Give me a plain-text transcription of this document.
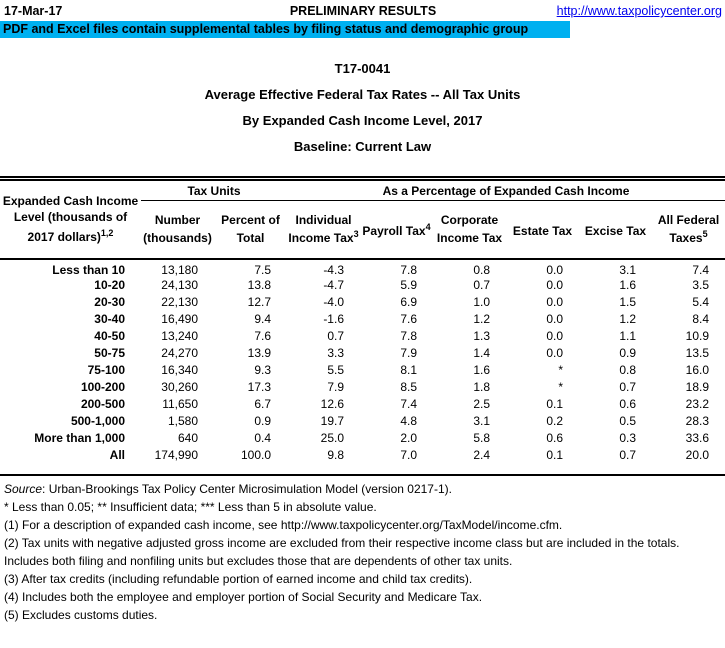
17-Mar-17	PRELIMINARY RESULTS	http://www.taxpolicycenter.org
PDF and Excel files contain supplemental tables by filing status and demographic group
T17-0041
Average Effective Federal Tax Rates -- All Tax Units
By Expanded Cash Income Level, 2017
Baseline: Current Law
Expanded Cash Income Level (thousands of 2017 dollars)$^{1,2}$	Tax Units		As a Percentage of Expanded Cash Income					
	Number (thousands)	Percent of Total	Individual Income Tax$^3$	Payroll Tax$^4$	Corporate Income Tax	Estate Tax	Excise Tax	All Federal Taxes$^5$
Less than 10	13,180	7.5	-4.3	7.8	0.8	0.0	3.1	7.4
10-20	24,130	13.8	-4.7	5.9	0.7	0.0	1.6	3.5
20-30	22,130	12.7	-4.0	6.9	1.0	0.0	1.5	5.4
30-40	16,490	9.4	-1.6	7.6	1.2	0.0	1.2	8.4
40-50	13,240	7.6	0.7	7.8	1.3	0.0	1.1	10.9
50-75	24,270	13.9	3.3	7.9	1.4	0.0	0.9	13.5
75-100	16,340	9.3	5.5	8.1	1.6	*	0.8	16.0
100-200	30,260	17.3	7.9	8.5	1.8	*	0.7	18.9
200-500	11,650	6.7	12.6	7.4	2.5	0.1	0.6	23.2
500-1,000	1,580	0.9	19.7	4.8	3.1	0.2	0.5	28.3
More than 1,000	640	0.4	25.0	2.0	5.8	0.6	0.3	33.6
All	174,990	100.0	9.8	7.0	2.4	0.1	0.7	20.0
Source: Urban-Brookings Tax Policy Center Microsimulation Model (version 0217-1).
* Less than 0.05; ** Insufficient data; *** Less than 5 in absolute value.
(1) For a description of expanded cash income, see http://www.taxpolicycenter.org/TaxModel/income.cfm.
(2) Tax units with negative adjusted gross income are excluded from their respective income class but are included in the totals.
Includes both filing and nonfiling units but excludes those that are dependents of other tax units.
(3) After tax credits (including refundable portion of earned income and child tax credits).
(4) Includes both the employee and employer portion of Social Security and Medicare Tax.
(5) Excludes customs duties.
